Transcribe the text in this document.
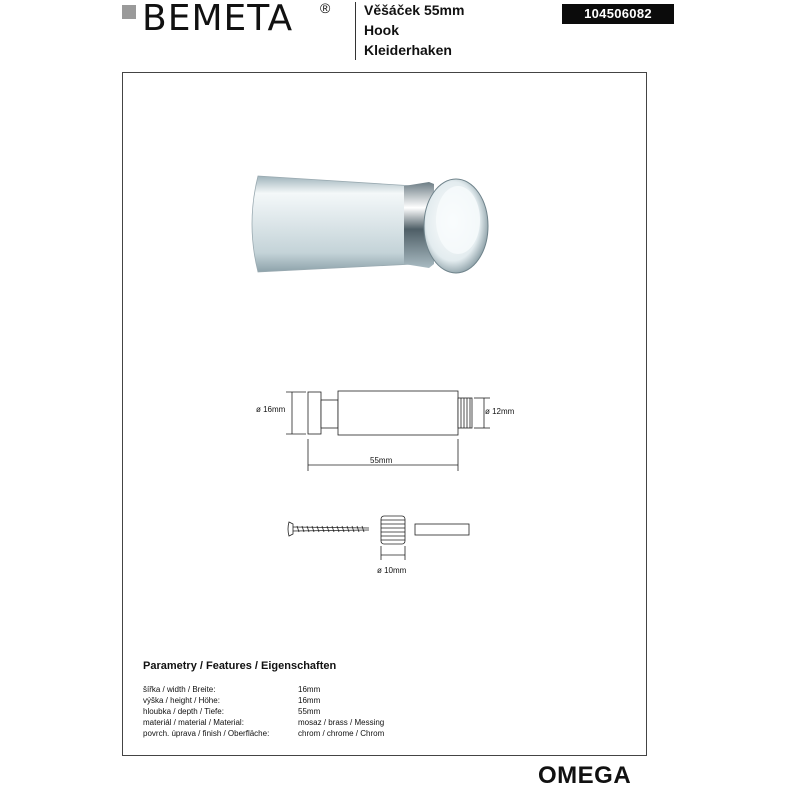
BEMETA ® Věšáček 55mm
Hook
Kleiderhaken
104506082
ø 16mm	ø 12mm
55mm
ø 10mm
Parametry / Features / Eigenschaften
šířka / width / Breite:	16mm
výška / height / Höhe:	16mm
hloubka / depth / Tiefe:	55mm
materiál / material / Material:	mosaz / brass / Messing
povrch. úprava / finish / Oberfläche:	chrom / chrome / Chrom
OMEGA
